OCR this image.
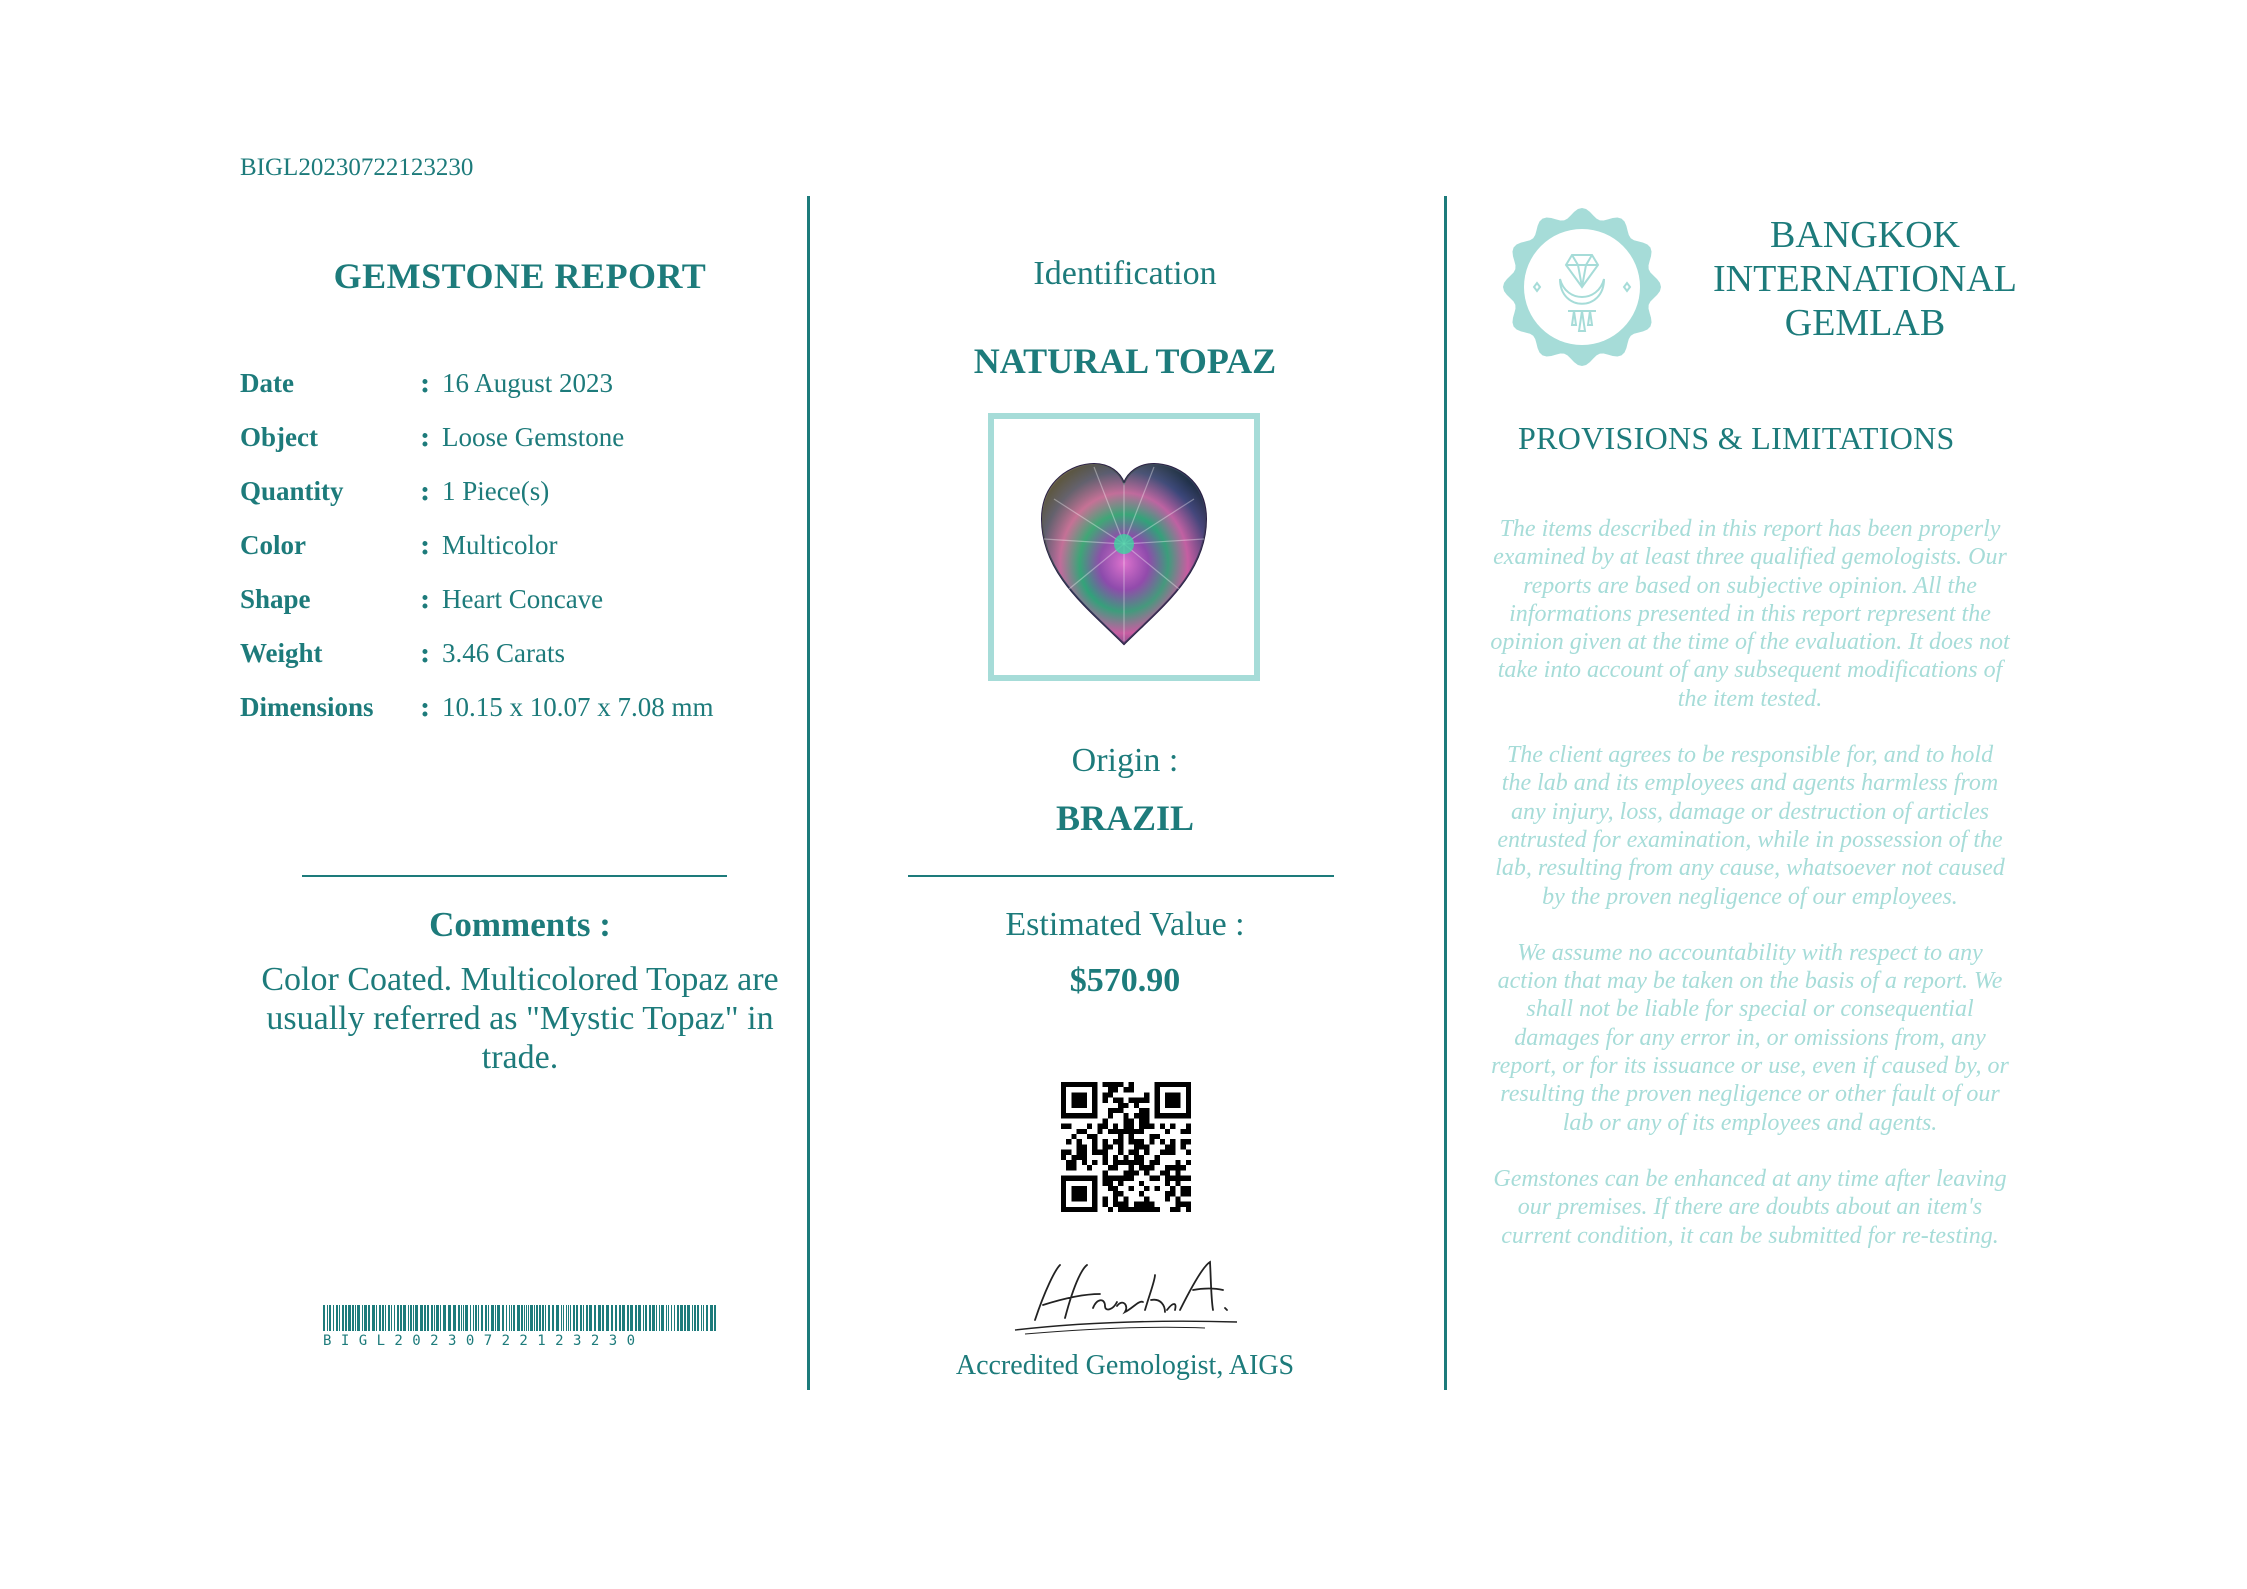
BIGL20230722123230
GEMSTONE REPORT
Date	: 16 August 2023
Object	: Loose Gemstone
Quantity	: 1 Piece(s)
Color	: Multicolor
Shape	: Heart Concave
Weight	: 3.46 Carats
Dimensions	: 10.15 x 10.07 x 7.08 mm
Comments :
Color Coated. Multicolored Topaz are usually referred as "Mystic Topaz" in trade.
B I G L 2 0 2 3 0 7 2 2 1 2 3 2 3 0
Identification
NATURAL TOPAZ
Origin :
BRAZIL
Estimated Value :
$570.90
Accredited Gemologist, AIGS
BANGKOK
INTERNATIONAL
GEMLAB
PROVISIONS & LIMITATIONS

The items described in this report has been properly examined by at least three qualified gemologists. Our reports are based on subjective opinion. All the informations presented in this report represent the opinion given at the time of the evaluation. It does not take into account of any subsequent modifications of the item tested.

The client agrees to be responsible for, and to hold the lab and its employees and agents harmless from any injury, loss, damage or destruction of articles entrusted for examination, while in possession of the lab, resulting from any cause, whatsoever not caused by the proven negligence of our employees.

We assume no accountability with respect to any action that may be taken on the basis of a report. We shall not be liable for special or consequential damages for any error in, or omissions from, any report, or for its issuance or use, even if caused by, or resulting the proven negligence or other fault of our lab or any of its employees and agents.

Gemstones can be enhanced at any time after leaving our premises. If there are doubts about an item's current condition, it can be submitted for re-testing.
